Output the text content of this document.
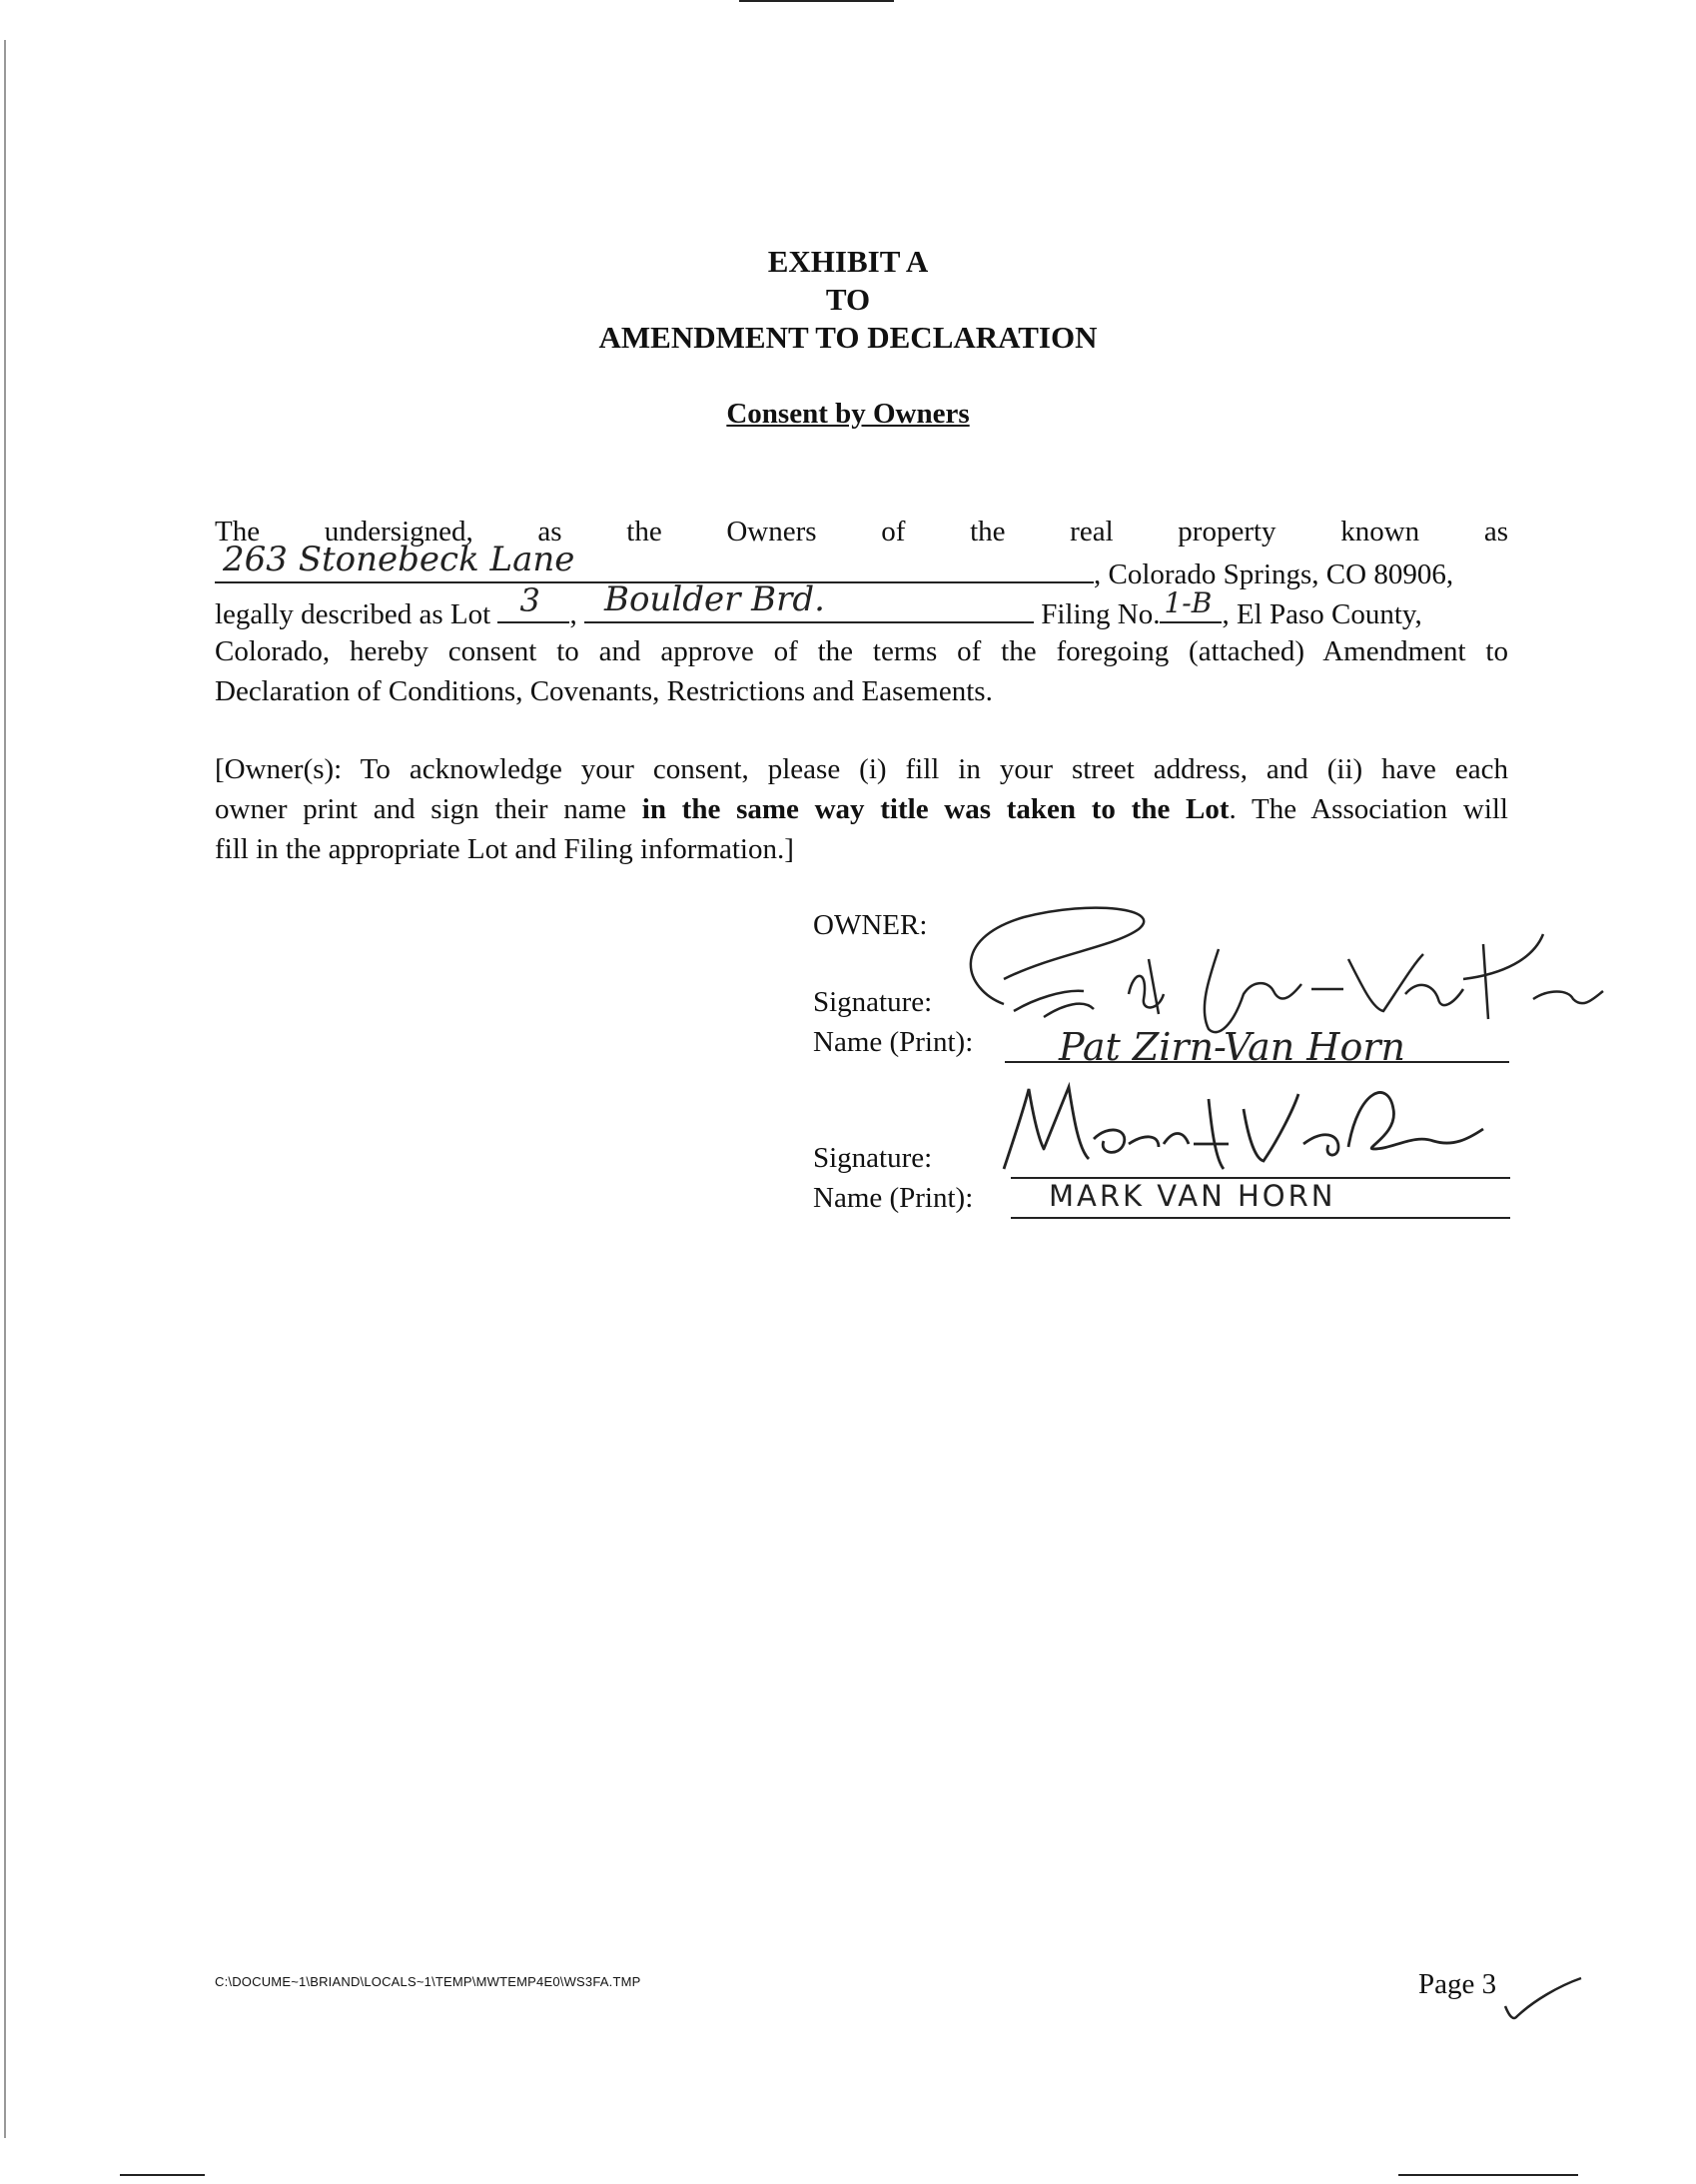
EXHIBIT A
TO
AMENDMENT TO DECLARATION
Consent by Owners
The undersigned, as the Owners of the real property known as
263 Stonebeck Lane	, Colorado Springs, CO 80906,
legally described as Lot 3 , Boulder Brd.	Filing No. 1-B , El Paso County,
Colorado, hereby consent to and approve of the terms of the foregoing (attached) Amendment to
Declaration of Conditions, Covenants, Restrictions and Easements.
[Owner(s): To acknowledge your consent, please (i) fill in your street address, and (ii) have each
owner print and sign their name in the same way title was taken to the Lot. The Association will
fill in the appropriate Lot and Filing information.]
OWNER:
Signature:
Name (Print): Pat Zirn-Van Horn
Signature:
Name (Print):	MARK VAN HORN
C:\DOCUME~1\BRIAND\LOCALS~1\TEMP\MWTEMP4E0\WS3FA.TMP	Page 3
